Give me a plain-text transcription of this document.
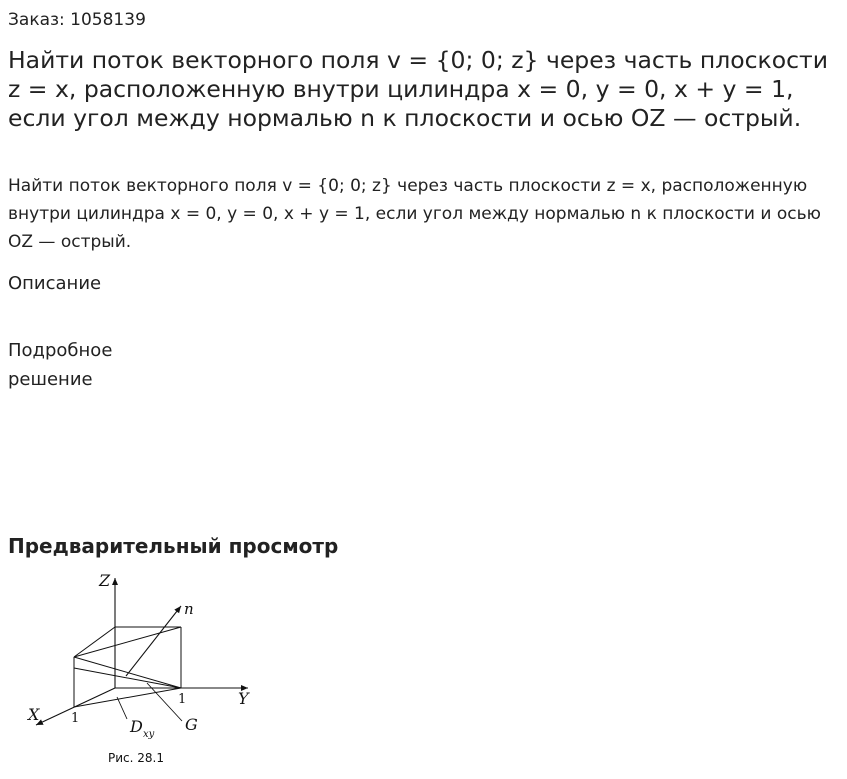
Заказ: 1058139
Найти поток векторного поля v = {0; 0; z} через часть плоскости z = x, расположенную внутри цилиндра x = 0, y = 0, x + y = 1, если угол между нормалью n к плоскости и осью OZ — острый.
Найти поток векторного поля v = {0; 0; z} через часть плоскости z = x, расположенную внутри цилиндра x = 0, y = 0, x + y = 1, если угол между нормалью n к плоскости и осью OZ — острый.
Описание
Подробное решение
Предварительный просмотр
Z
n
Y
X
1
1	D xy
G
Рис. 28.1
